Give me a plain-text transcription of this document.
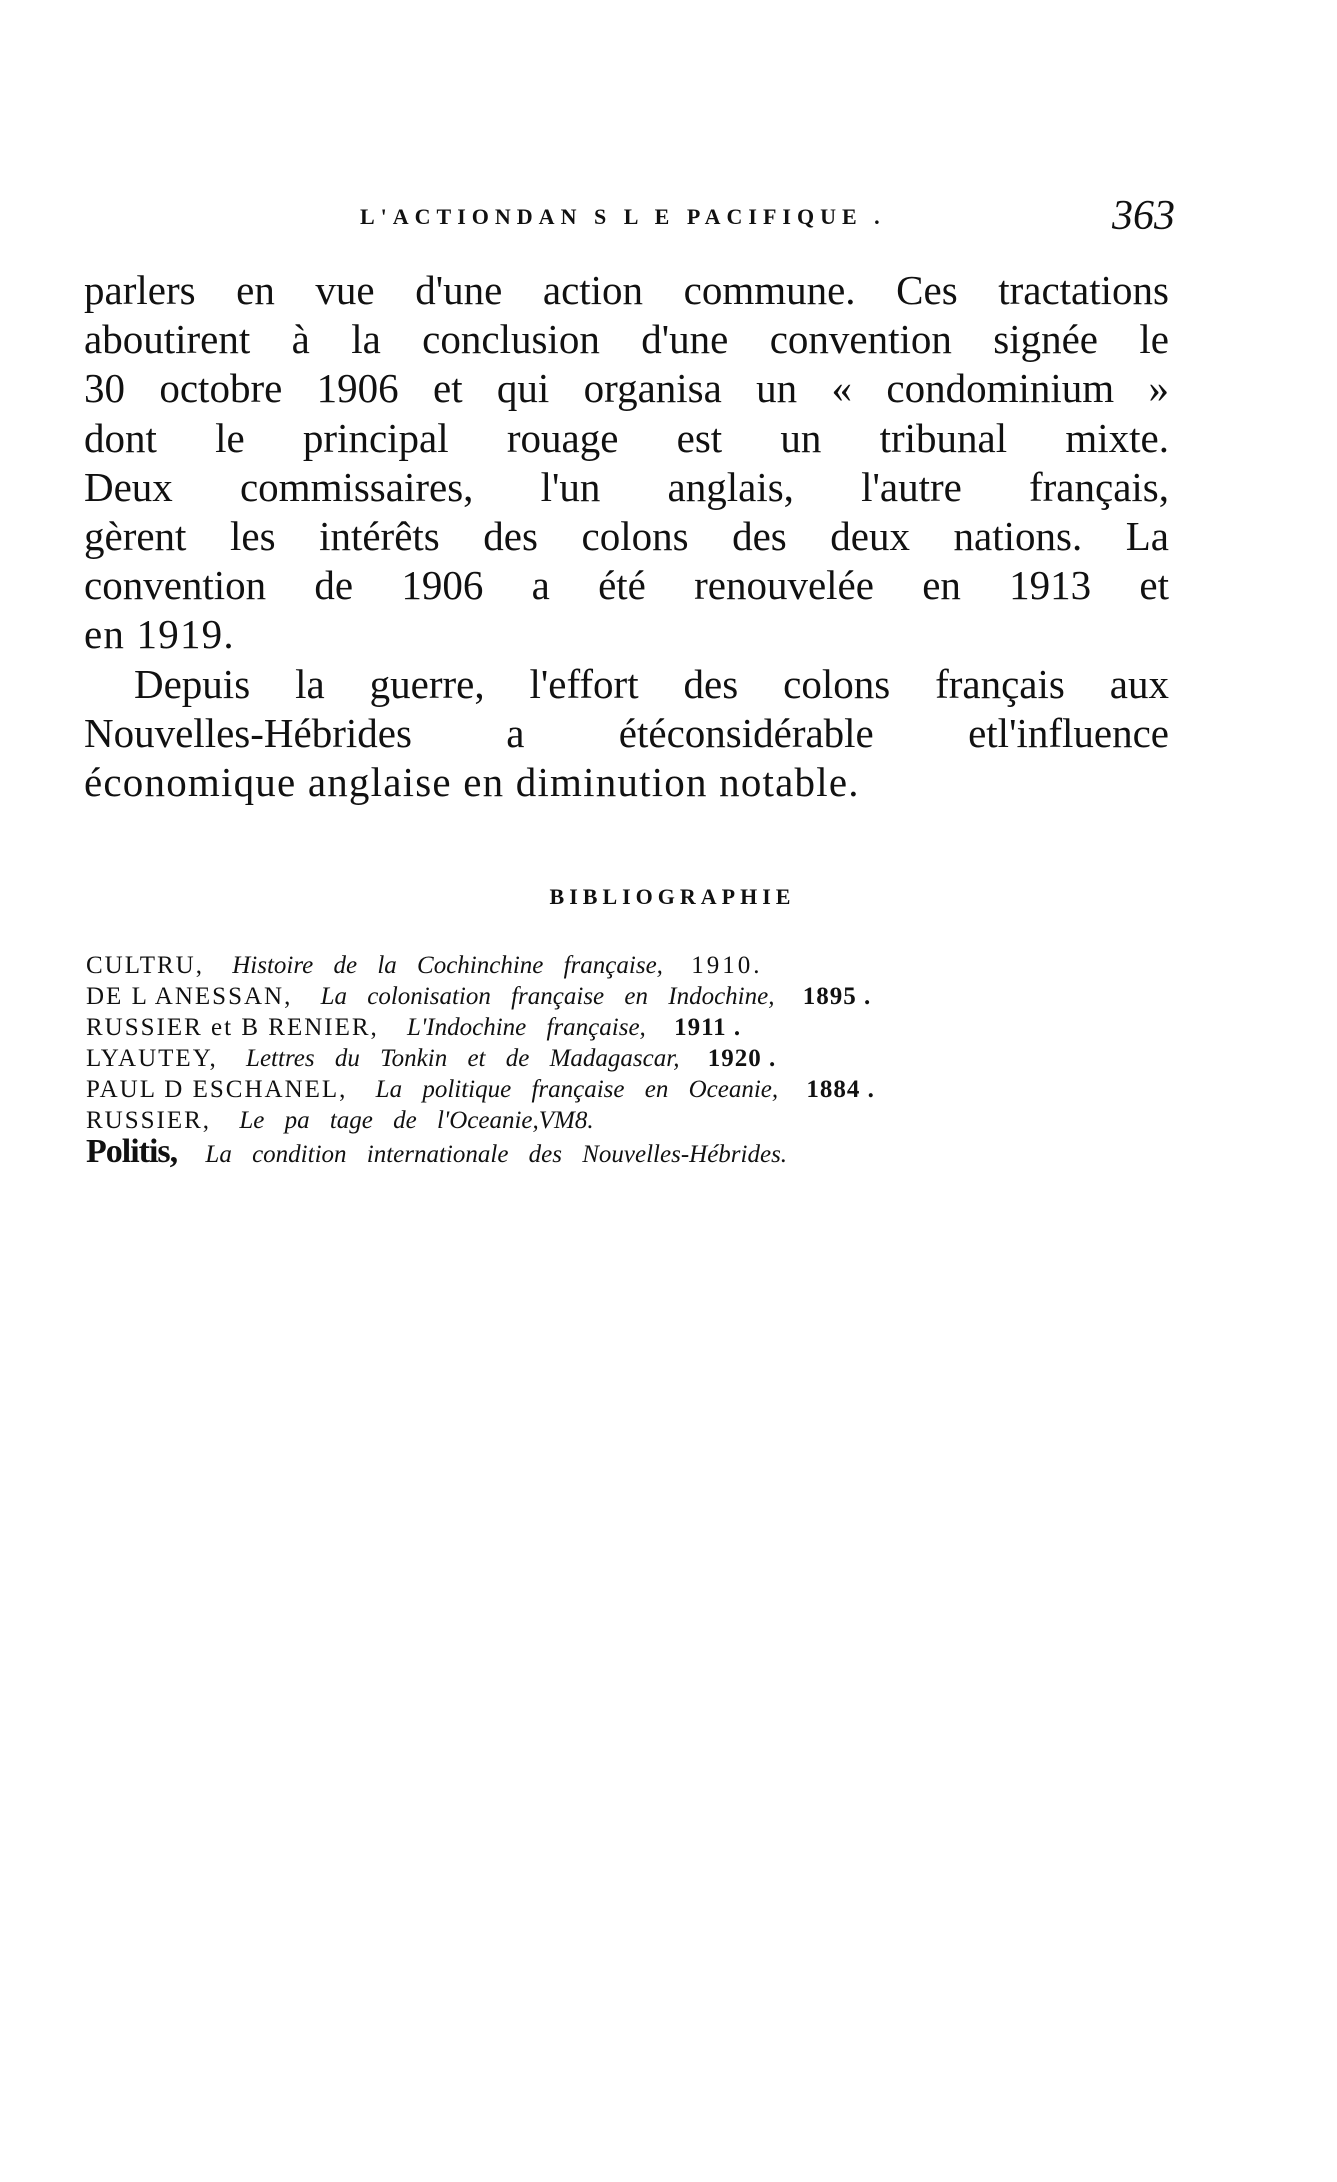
L'ACTIONDAN S L E PACIFIQUE .	363
parlers en vue d'une action commune. Ces tractations
aboutirent à la conclusion d'une convention signée le
30 octobre 1906 et qui organisa un « condominium »
dont le principal rouage est un tribunal mixte.
Deux commissaires, l'un anglais, l'autre français,
gèrent les intérêts des colons des deux nations. La
convention de 1906 a été renouvelée en 1913 et
en 1919.
Depuis la guerre, l'effort des colons français aux
Nouvelles-Hébrides a étéconsidérable etl'influence
économique anglaise en diminution notable.
BIBLIOGRAPHIE
CULTRU, Histoire de la Cochinchine française, 1910.
DE L ANESSAN, La colonisation française en Indochine, 1895 .
RUSSIER et B RENIER, L'Indochine française, 1911 .
LYAUTEY, Lettres du Tonkin et de Madagascar, 1920 .
PAUL D ESCHANEL, La politique française en Oceanie, 1884 .
RUSSIER, Le pa tage de l'Oceanie,VM8.
Politis, La condition internationale des Nouvelles-Hébrides.
